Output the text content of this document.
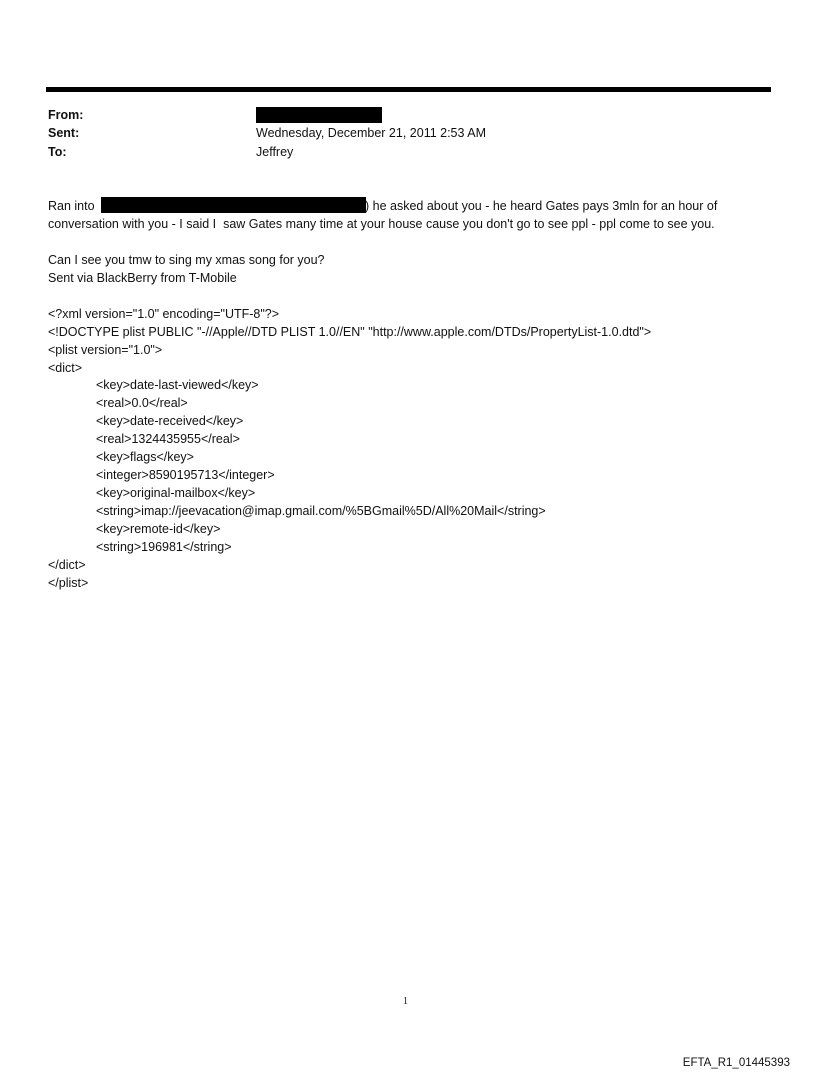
From:
Sent:	Wednesday, December 21, 2011 2:53 AM
To:	Jeffrey
Ran into	) he asked about you - he heard Gates pays 3mln for an hour of
conversation with you - I said I  saw Gates many time at your house cause you don't go to see ppl - ppl come to see you.
Can I see you tmw to sing my xmas song for you?
Sent via BlackBerry from T-Mobile
<?xml version="1.0" encoding="UTF-8"?>
<!DOCTYPE plist PUBLIC "-//Apple//DTD PLIST 1.0//EN" "http://www.apple.com/DTDs/PropertyList-1.0.dtd">
<plist version="1.0">
<dict>
<key>date-last-viewed</key>
<real>0.0</real>
<key>date-received</key>
<real>1324435955</real>
<key>flags</key>
<integer>8590195713</integer>
<key>original-mailbox</key>
<string>imap://jeevacation@imap.gmail.com/%5BGmail%5D/All%20Mail</string>
<key>remote-id</key>
<string>196981</string>
</dict>
</plist>
1
EFTA_R1_01445393
